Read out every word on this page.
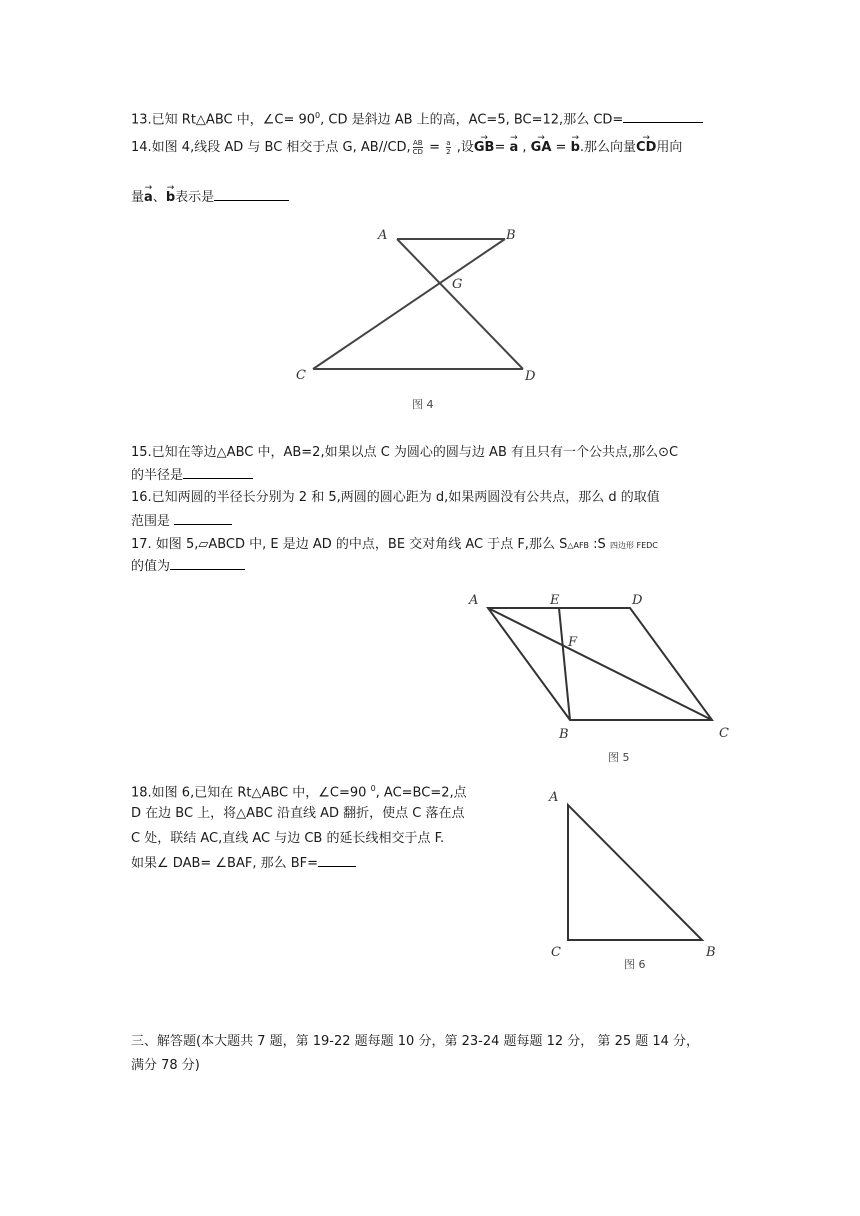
13.已知 Rt△ABC 中，∠C= $90^0$, CD 是斜边 AB 上的高，AC=5, BC=12,那么 CD=
14.如图 4,线段 AD 与 BC 相交于点 G, AB//CD, $\frac{AB}{CD} = \frac{a}{2}$ ,设→ GB= → a , → GA = → b.那么向量→ CD用向
量→ a、→ b表示是
A	B
G
C	D
图 4
15.已知在等边△ABC 中，AB=2,如果以点 C 为圆心的圆与边 AB 有且只有一个公共点,那么⊙C
的半径是
16.已知两圆的半径长分别为 2 和 5,两圆的圆心距为 d,如果两圆没有公共点，那么 d 的取值
范围是
17. 如图 5,▱ABCD 中, E 是边 AD 的中点，BE 交对角线 AC 于点 F,那么 S△AFB :S 四边形 FEDC
的值为
A	E	D
F
B	C
图 5
18.如图 6,已知在 Rt△ABC 中，∠C=90 $^0$, AC=BC=2,点
D 在边 BC 上，将△ABC 沿直线 AD 翻折，使点 C 落在点
C 处，联结 AC,直线 AC 与边 CB 的延长线相交于点 F.
如果∠ DAB= ∠BAF, 那么 BF=
A
C	B
图 6
三、解答题(本大题共 7 题，第 19-22 题每题 10 分，第 23-24 题每题 12 分， 第 25 题 14 分，
满分 78 分)
